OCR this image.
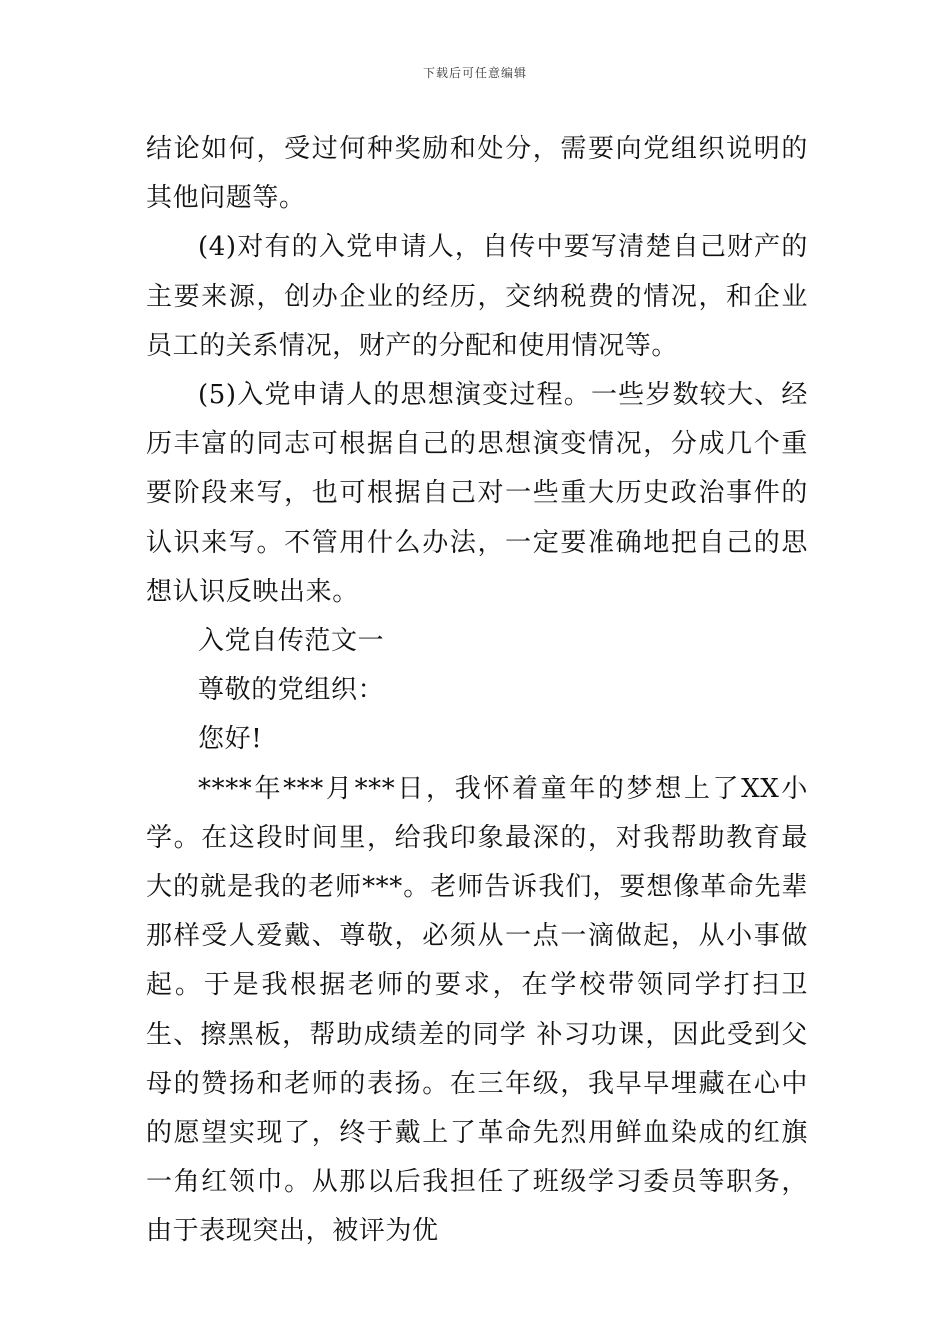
下载后可任意编辑

结论如何，受过何种奖励和处分，需要向党组织说明的其他问题等。

(4)对有的入党申请人，自传中要写清楚自己财产的主要来源，创办企业的经历，交纳税费的情况，和企业员工的关系情况，财产的分配和使用情况等。

(5)入党申请人的思想演变过程。一些岁数较大、经历丰富的同志可根据自己的思想演变情况，分成几个重要阶段来写，也可根据自己对一些重大历史政治事件的认识来写。不管用什么办法，一定要准确地把自己的思想认识反映出来。

入党自传范文一

尊敬的党组织：

您好!

****年***月***日，我怀着童年的梦想上了XX小学。在这段时间里，给我印象最深的，对我帮助教育最大的就是我的老师***。老师告诉我们，要想像革命先辈那样受人爱戴、尊敬，必须从一点一滴做起，从小事做起。于是我根据老师的要求，在学校带领同学打扫卫生、擦黑板，帮助成绩差的同学 补习功课，因此受到父母的赞扬和老师的表扬。在三年级，我早早埋藏在心中的愿望实现了，终于戴上了革命先烈用鲜血染成的红旗一角红领巾。从那以后我担任了班级学习委员等职务，由于表现突出，被评为优
